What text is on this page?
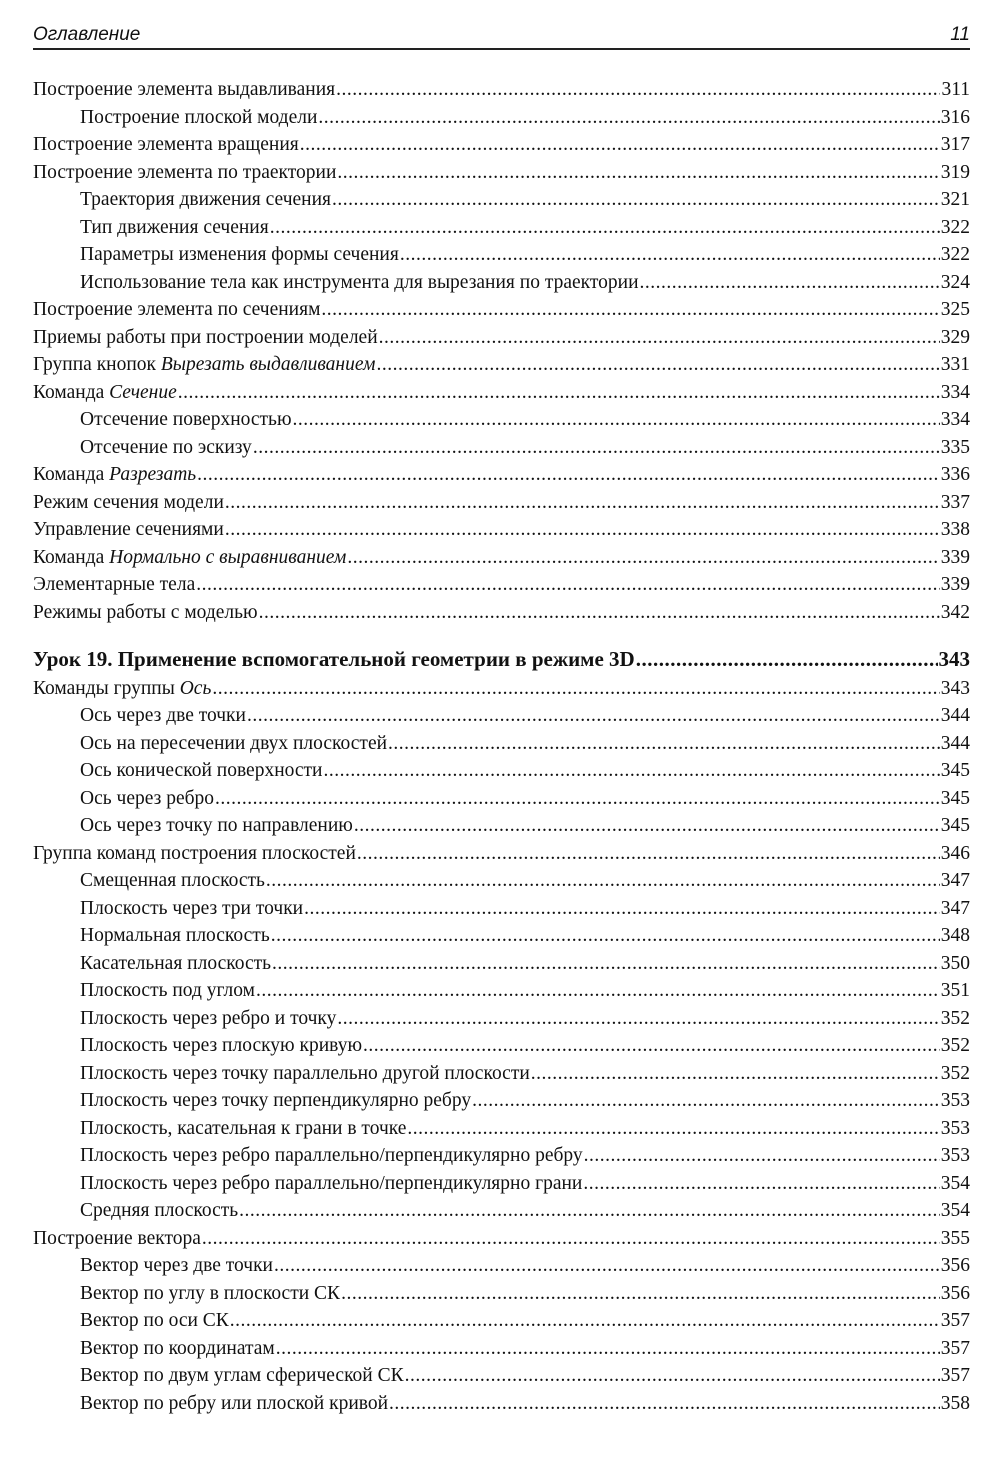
Оглавление	11
Построение элемента выдавливания .....	311
Построение плоской модели .....	316
Построение элемента вращения .....	317
Построение элемента по траектории .....	319
Траектория движения сечения .....	321
Тип движения сечения .....	322
Параметры изменения формы сечения .....	322
Использование тела как инструмента для вырезания по траектории .....	324
Построение элемента по сечениям .....	325
Приемы работы при построении моделей .....	329
Группа кнопок Вырезать выдавливанием .....	331
Команда Сечение .....	334
Отсечение поверхностью .....	334
Отсечение по эскизу .....	335
Команда Разрезать .....	336
Режим сечения модели .....	337
Управление сечениями .....	338
Команда Нормально с выравниванием .....	339
Элементарные тела .....	339
Режимы работы с моделью .....	342
Урок 19. Применение вспомогательной геометрии в режиме 3D .....	343
Команды группы Ось .....	343
Ось через две точки .....	344
Ось на пересечении двух плоскостей .....	344
Ось конической поверхности .....	345
Ось через ребро .....	345
Ось через точку по направлению .....	345
Группа команд построения плоскостей .....	346
Смещенная плоскость .....	347
Плоскость через три точки .....	347
Нормальная плоскость .....	348
Касательная плоскость .....	350
Плоскость под углом .....	351
Плоскость через ребро и точку .....	352
Плоскость через плоскую кривую .....	352
Плоскость через точку параллельно другой плоскости .....	352
Плоскость через точку перпендикулярно ребру .....	353
Плоскость, касательная к грани в точке .....	353
Плоскость через ребро параллельно/перпендикулярно ребру .....	353
Плоскость через ребро параллельно/перпендикулярно грани .....	354
Средняя плоскость .....	354
Построение вектора .....	355
Вектор через две точки .....	356
Вектор по углу в плоскости СК .....	356
Вектор по оси СК .....	357
Вектор по координатам .....	357
Вектор по двум углам сферической СК .....	357
Вектор по ребру или плоской кривой .....	358
